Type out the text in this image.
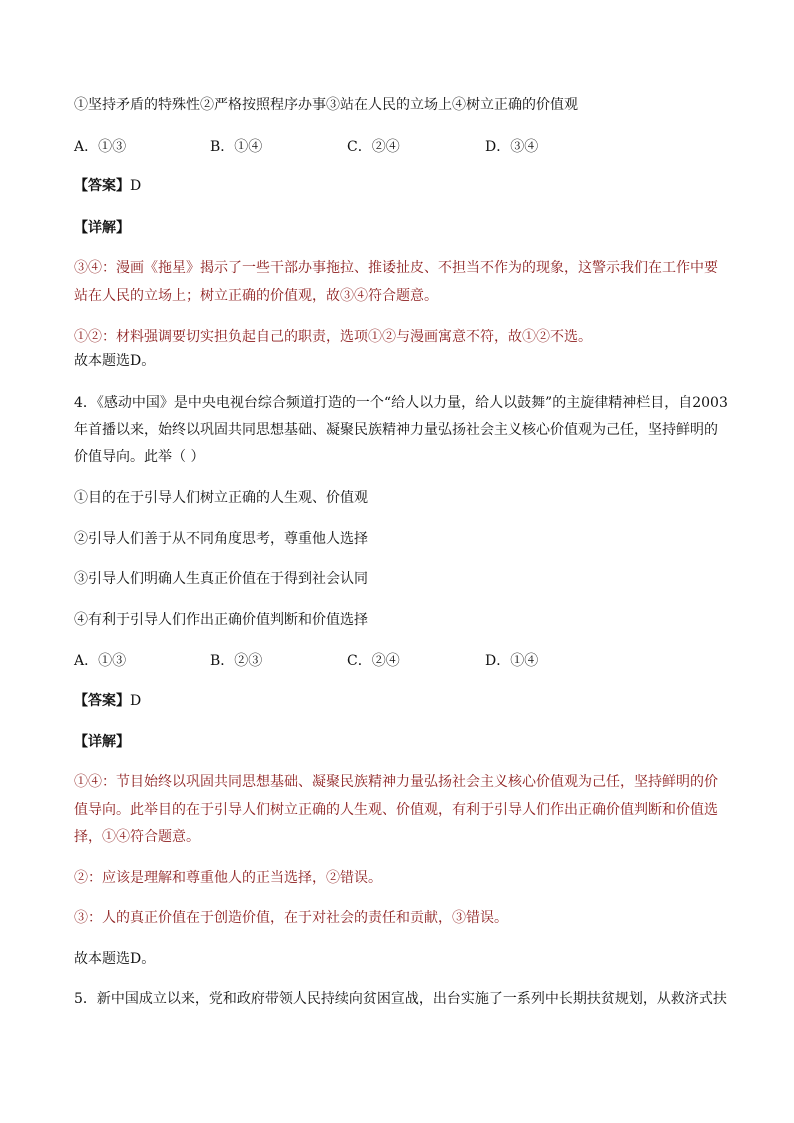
①坚持矛盾的特殊性②严格按照程序办事③站在人民的立场上④树立正确的价值观
A．①③	B．①④	C．②④	D．③④
【答案】D
【详解】
③④：漫画《拖星》揭示了一些干部办事拖拉、推诿扯皮、不担当不作为的现象，这警示我们在工作中要
站在人民的立场上；树立正确的价值观，故③④符合题意。
①②：材料强调要切实担负起自己的职责，选项①②与漫画寓意不符，故①②不选。
故本题选D。
4．《感动中国》是中央电视台综合频道打造的一个“给人以力量，给人以鼓舞”的主旋律精神栏目，自2003
年首播以来，始终以巩固共同思想基础、凝聚民族精神力量弘扬社会主义核心价值观为己任，坚持鲜明的
价值导向。此举（ ）
①目的在于引导人们树立正确的人生观、价值观
②引导人们善于从不同角度思考，尊重他人选择
③引导人们明确人生真正价值在于得到社会认同
④有利于引导人们作出正确价值判断和价值选择
A．①③	B．②③	C．②④	D．①④
【答案】D
【详解】
①④：节目始终以巩固共同思想基础、凝聚民族精神力量弘扬社会主义核心价值观为己任，坚持鲜明的价
值导向。此举目的在于引导人们树立正确的人生观、价值观，有利于引导人们作出正确价值判断和价值选
择，①④符合题意。
②：应该是理解和尊重他人的正当选择，②错误。
③：人的真正价值在于创造价值，在于对社会的责任和贡献，③错误。
故本题选D。
5．新中国成立以来，党和政府带领人民持续向贫困宣战，出台实施了一系列中长期扶贫规划，从救济式扶
